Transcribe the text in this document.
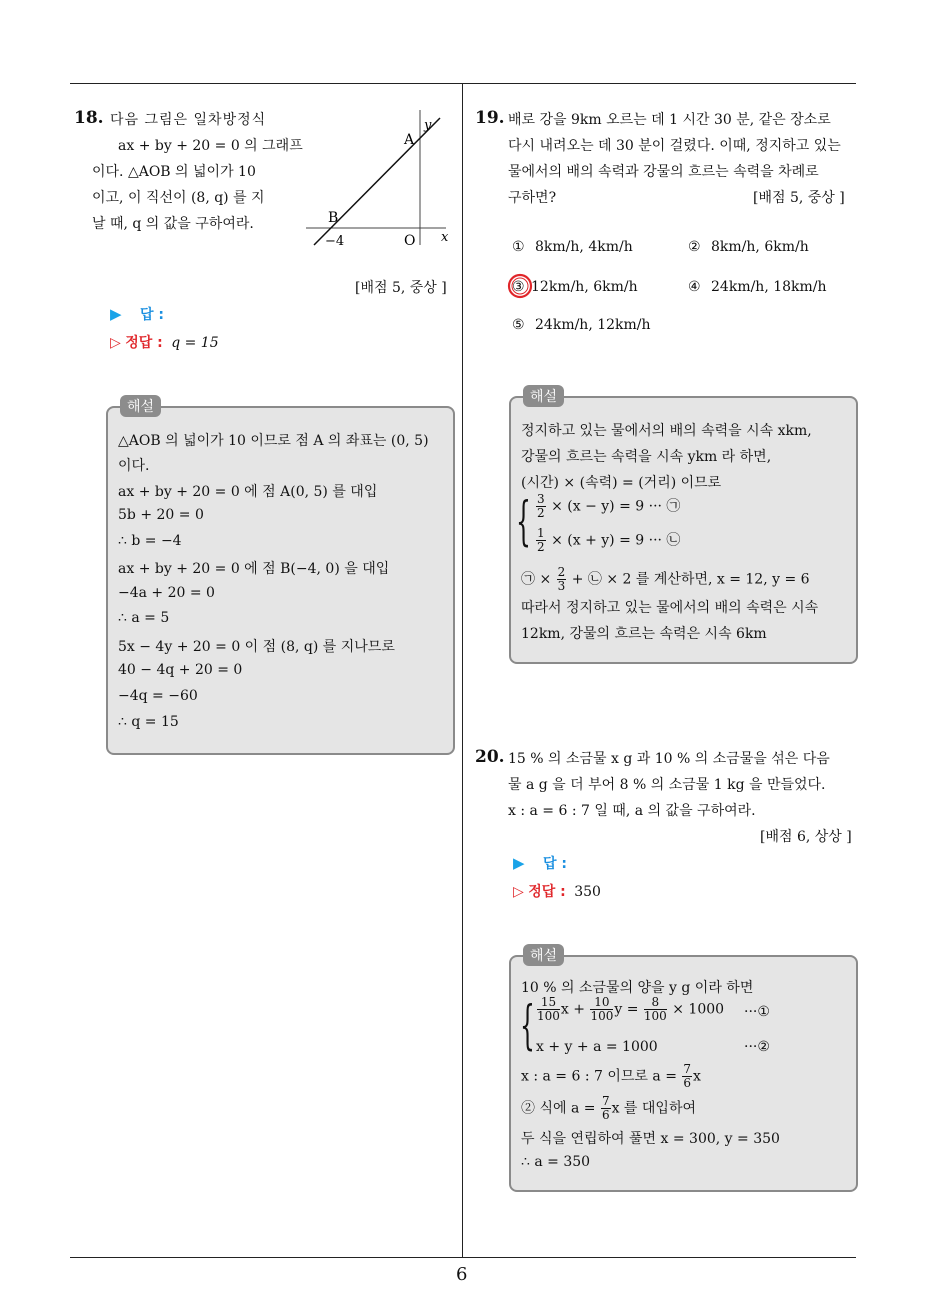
6
18. 다음 그림은 일차방정식
ax + by + 20 = 0 의 그래프
이다. △AOB 의 넓이가 10
이고, 이 직선이 (8, q) 를 지
날 때, q 의 값을 구하여라.
A
B
O x
y
−4
[배점 5, 중상 ]
▶ 답 :
▷ 정답 : q = 15
해설
△AOB 의 넓이가 10 이므로 점 A 의 좌표는 (0, 5)
이다.
ax + by + 20 = 0 에 점 A(0, 5) 를 대입
5b + 20 = 0
∴ b = −4
ax + by + 20 = 0 에 점 B(−4, 0) 을 대입
−4a + 20 = 0
∴ a = 5
5x − 4y + 20 = 0 이 점 (8, q) 를 지나므로
40 − 4q + 20 = 0
−4q = −60
∴ q = 15
19. 배로 강을 9km 오르는 데 1 시간 30 분, 같은 장소로
다시 내려오는 데 30 분이 걸렸다. 이때, 정지하고 있는
물에서의 배의 속력과 강물의 흐르는 속력을 차례로
구하면?	[배점 5, 중상 ]
① 8km/h, 4km/h	② 8km/h, 6km/h
③ 12km/h, 6km/h	④ 24km/h, 18km/h
⑤ 24km/h, 12km/h
해설
정지하고 있는 물에서의 배의 속력을 시속 xkm,
강물의 흐르는 속력을 시속 ykm 라 하면,
(시간) × (속력) = (거리) 이므로
{ $\frac{3}{2} \times (x - y) = 9$ ··· ㉠
$\frac{1}{2} \times (x + y) = 9$ ··· ㉡
㉠ × $\frac{2}{3}$ + ㉡ × 2 를 계산하면, x = 12, y = 6
따라서 정지하고 있는 물에서의 배의 속력은 시속
12km, 강물의 흐르는 속력은 시속 6km
20. 15 % 의 소금물 x g 과 10 % 의 소금물을 섞은 다음
물 a g 을 더 부어 8 % 의 소금물 1 kg 을 만들었다.
x : a = 6 : 7 일 때, a 의 값을 구하여라.
[배점 6, 상상 ]
▶ 답 :
▷ 정답 : 350
해설
10 % 의 소금물의 양을 y g 이라 하면
{ $\frac{15}{100}$ $x + \frac{10}{100}$ $y = \frac{8}{100} \times 1000$ ···①
x + y + a = 1000	···②
x : a = 6 : 7 이므로 $a = \frac{7}{6}$ x
② 식에 $a = \frac{7}{6}$ x 를 대입하여
두 식을 연립하여 풀면 x = 300, y = 350
∴ a = 350
